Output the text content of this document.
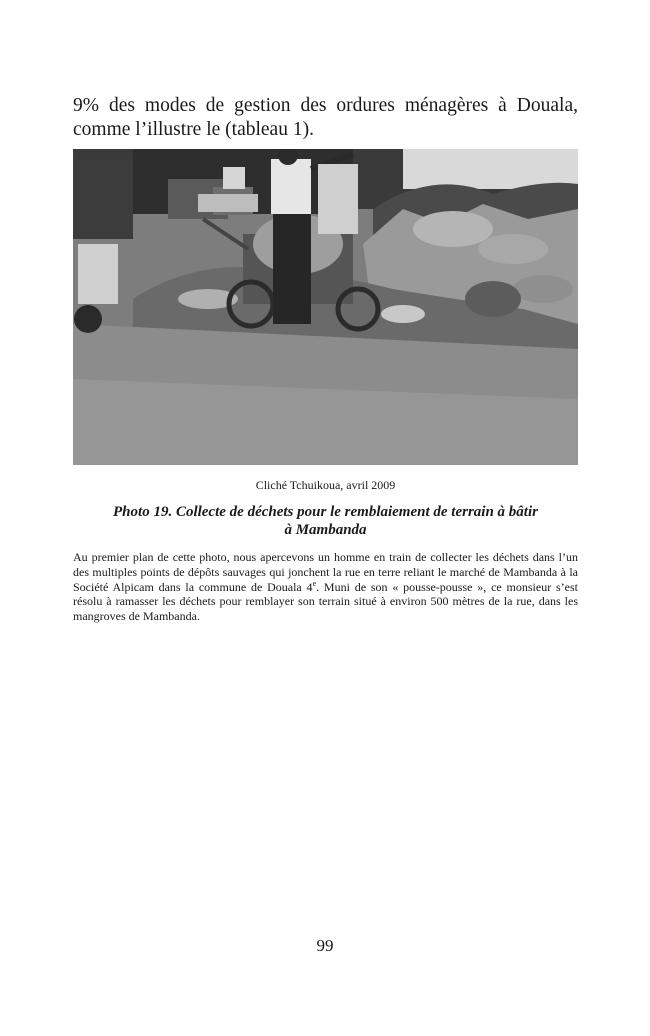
9% des modes de gestion des ordures ménagères à Douala,
comme l’illustre le (tableau 1).

Cliché Tchuikoua, avril 2009

Photo 19. Collecte de déchets pour le remblaiement de terrain à bâtir
à Mambanda

Au premier plan de cette photo, nous apercevons un homme en train de collecter les déchets dans l’un des multiples points de dépôts sauvages qui jonchent la rue en terre reliant le marché de Mambanda à la Société Alpicam dans la commune de Douala 4e. Muni de son « pousse-pousse », ce monsieur s’est résolu à ramasser les déchets pour remblayer son terrain situé à environ 500 mètres de la rue, dans les mangroves de Mambanda.

99
